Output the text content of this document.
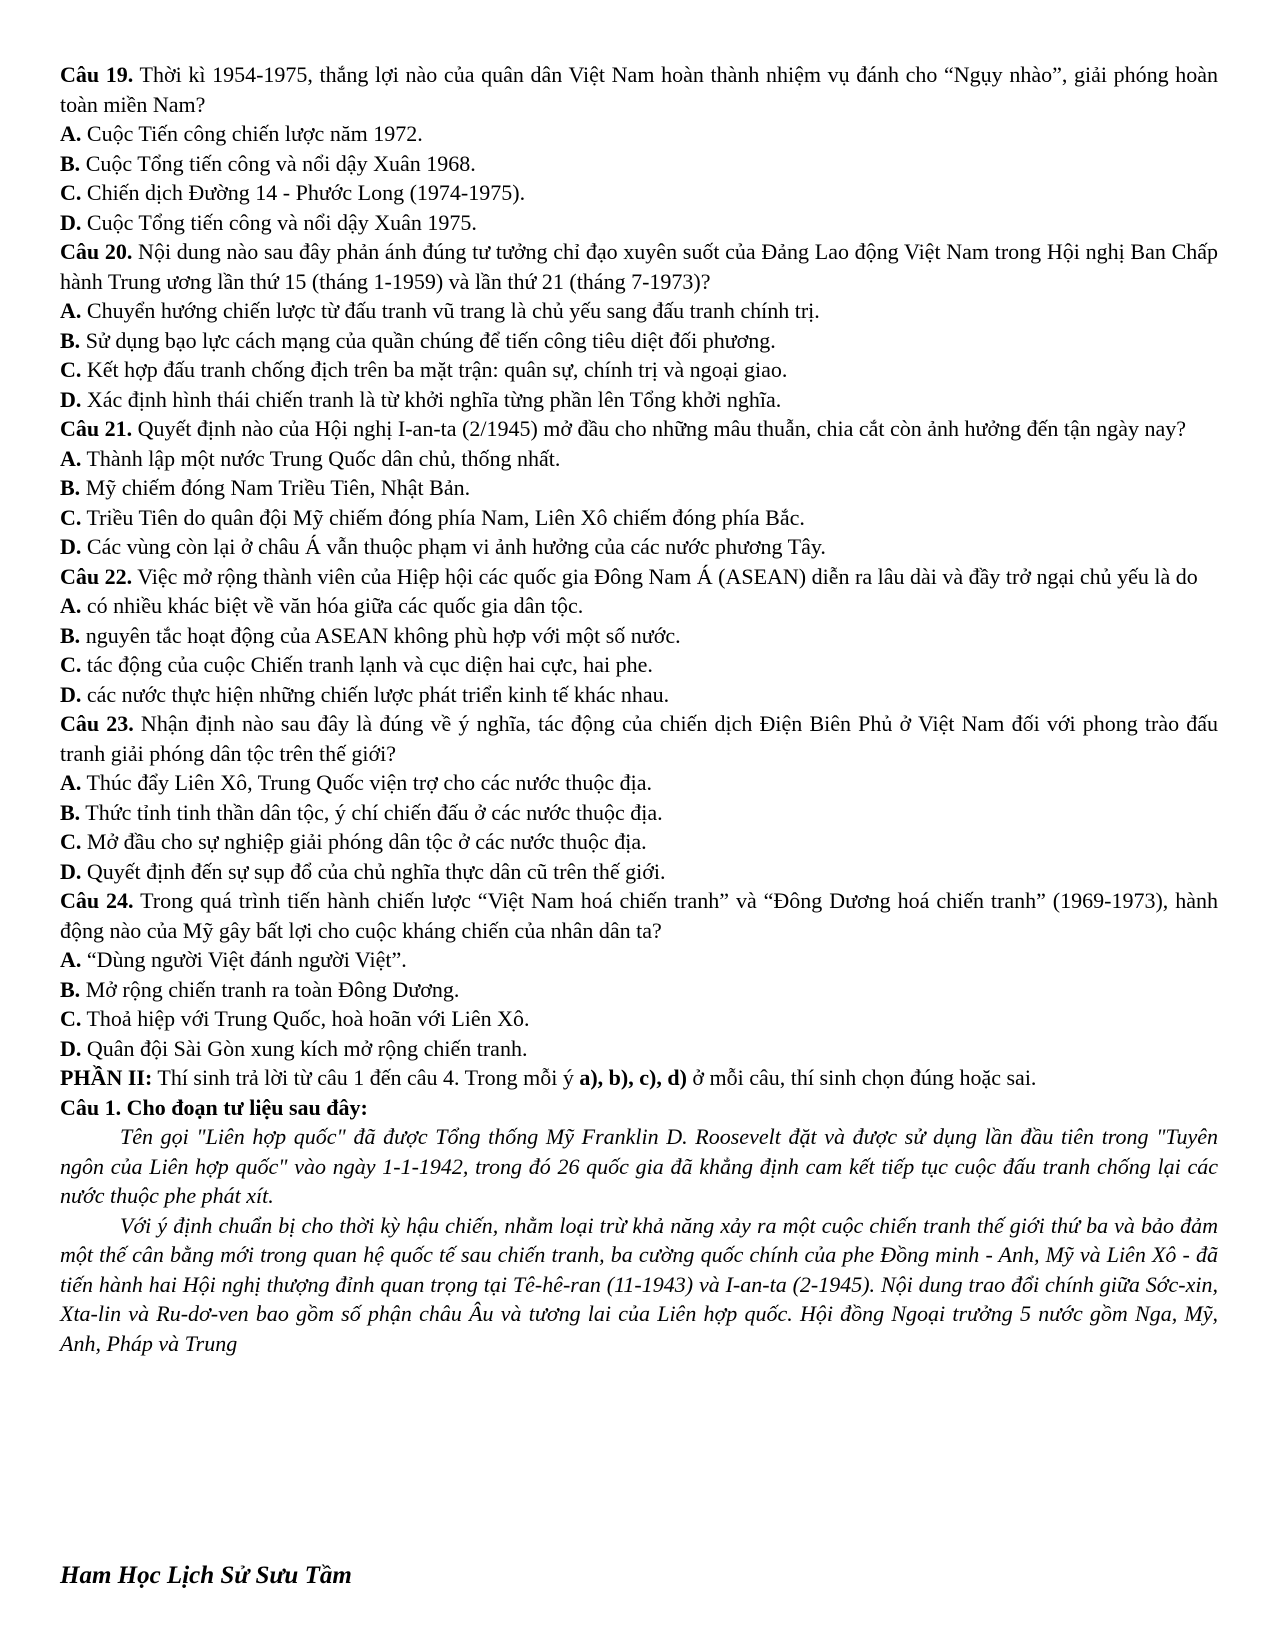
Câu 19. Thời kì 1954-1975, thắng lợi nào của quân dân Việt Nam hoàn thành nhiệm vụ đánh cho “Ngụy nhào”, giải phóng hoàn toàn miền Nam?

A. Cuộc Tiến công chiến lược năm 1972.

B. Cuộc Tổng tiến công và nổi dậy Xuân 1968.

C. Chiến dịch Đường 14 - Phước Long (1974-1975).

D. Cuộc Tổng tiến công và nổi dậy Xuân 1975.

Câu 20. Nội dung nào sau đây phản ánh đúng tư tưởng chỉ đạo xuyên suốt của Đảng Lao động Việt Nam trong Hội nghị Ban Chấp hành Trung ương lần thứ 15 (tháng 1-1959) và lần thứ 21 (tháng 7-1973)?

A. Chuyển hướng chiến lược từ đấu tranh vũ trang là chủ yếu sang đấu tranh chính trị.

B. Sử dụng bạo lực cách mạng của quần chúng để tiến công tiêu diệt đối phương.

C. Kết hợp đấu tranh chống địch trên ba mặt trận: quân sự, chính trị và ngoại giao.

D. Xác định hình thái chiến tranh là từ khởi nghĩa từng phần lên Tổng khởi nghĩa.

Câu 21. Quyết định nào của Hội nghị I-an-ta (2/1945) mở đầu cho những mâu thuẫn, chia cắt còn ảnh hưởng đến tận ngày nay?

A. Thành lập một nước Trung Quốc dân chủ, thống nhất.

B. Mỹ chiếm đóng Nam Triều Tiên, Nhật Bản.

C. Triều Tiên do quân đội Mỹ chiếm đóng phía Nam, Liên Xô chiếm đóng phía Bắc.

D. Các vùng còn lại ở châu Á vẫn thuộc phạm vi ảnh hưởng của các nước phương Tây.

Câu 22. Việc mở rộng thành viên của Hiệp hội các quốc gia Đông Nam Á (ASEAN) diễn ra lâu dài và đầy trở ngại chủ yếu là do

A. có nhiều khác biệt về văn hóa giữa các quốc gia dân tộc.

B. nguyên tắc hoạt động của ASEAN không phù hợp với một số nước.

C. tác động của cuộc Chiến tranh lạnh và cục diện hai cực, hai phe.

D. các nước thực hiện những chiến lược phát triển kinh tế khác nhau.

Câu 23. Nhận định nào sau đây là đúng về ý nghĩa, tác động của chiến dịch Điện Biên Phủ ở Việt Nam đối với phong trào đấu tranh giải phóng dân tộc trên thế giới?

A. Thúc đẩy Liên Xô, Trung Quốc viện trợ cho các nước thuộc địa.

B. Thức tỉnh tinh thần dân tộc, ý chí chiến đấu ở các nước thuộc địa.

C. Mở đầu cho sự nghiệp giải phóng dân tộc ở các nước thuộc địa.

D. Quyết định đến sự sụp đổ của chủ nghĩa thực dân cũ trên thế giới.

Câu 24. Trong quá trình tiến hành chiến lược “Việt Nam hoá chiến tranh” và “Đông Dương hoá chiến tranh” (1969-1973), hành động nào của Mỹ gây bất lợi cho cuộc kháng chiến của nhân dân ta?

A. “Dùng người Việt đánh người Việt”.

B. Mở rộng chiến tranh ra toàn Đông Dương.

C. Thoả hiệp với Trung Quốc, hoà hoãn với Liên Xô.

D. Quân đội Sài Gòn xung kích mở rộng chiến tranh.

PHẦN II: Thí sinh trả lời từ câu 1 đến câu 4. Trong mỗi ý a), b), c), d) ở mỗi câu, thí sinh chọn đúng hoặc sai.

Câu 1. Cho đoạn tư liệu sau đây:

Tên gọi "Liên hợp quốc" đã được Tổng thống Mỹ Franklin D. Roosevelt đặt và được sử dụng lần đầu tiên trong "Tuyên ngôn của Liên hợp quốc" vào ngày 1-1-1942, trong đó 26 quốc gia đã khẳng định cam kết tiếp tục cuộc đấu tranh chống lại các nước thuộc phe phát xít.

Với ý định chuẩn bị cho thời kỳ hậu chiến, nhằm loại trừ khả năng xảy ra một cuộc chiến tranh thế giới thứ ba và bảo đảm một thế cân bằng mới trong quan hệ quốc tế sau chiến tranh, ba cường quốc chính của phe Đồng minh - Anh, Mỹ và Liên Xô - đã tiến hành hai Hội nghị thượng đỉnh quan trọng tại Tê-hê-ran (11-1943) và I-an-ta (2-1945). Nội dung trao đổi chính giữa Sớc-xin, Xta-lin và Ru-dơ-ven bao gồm số phận châu Âu và tương lai của Liên hợp quốc. Hội đồng Ngoại trưởng 5 nước gồm Nga, Mỹ, Anh, Pháp và Trung

Ham Học Lịch Sử Sưu Tầm
